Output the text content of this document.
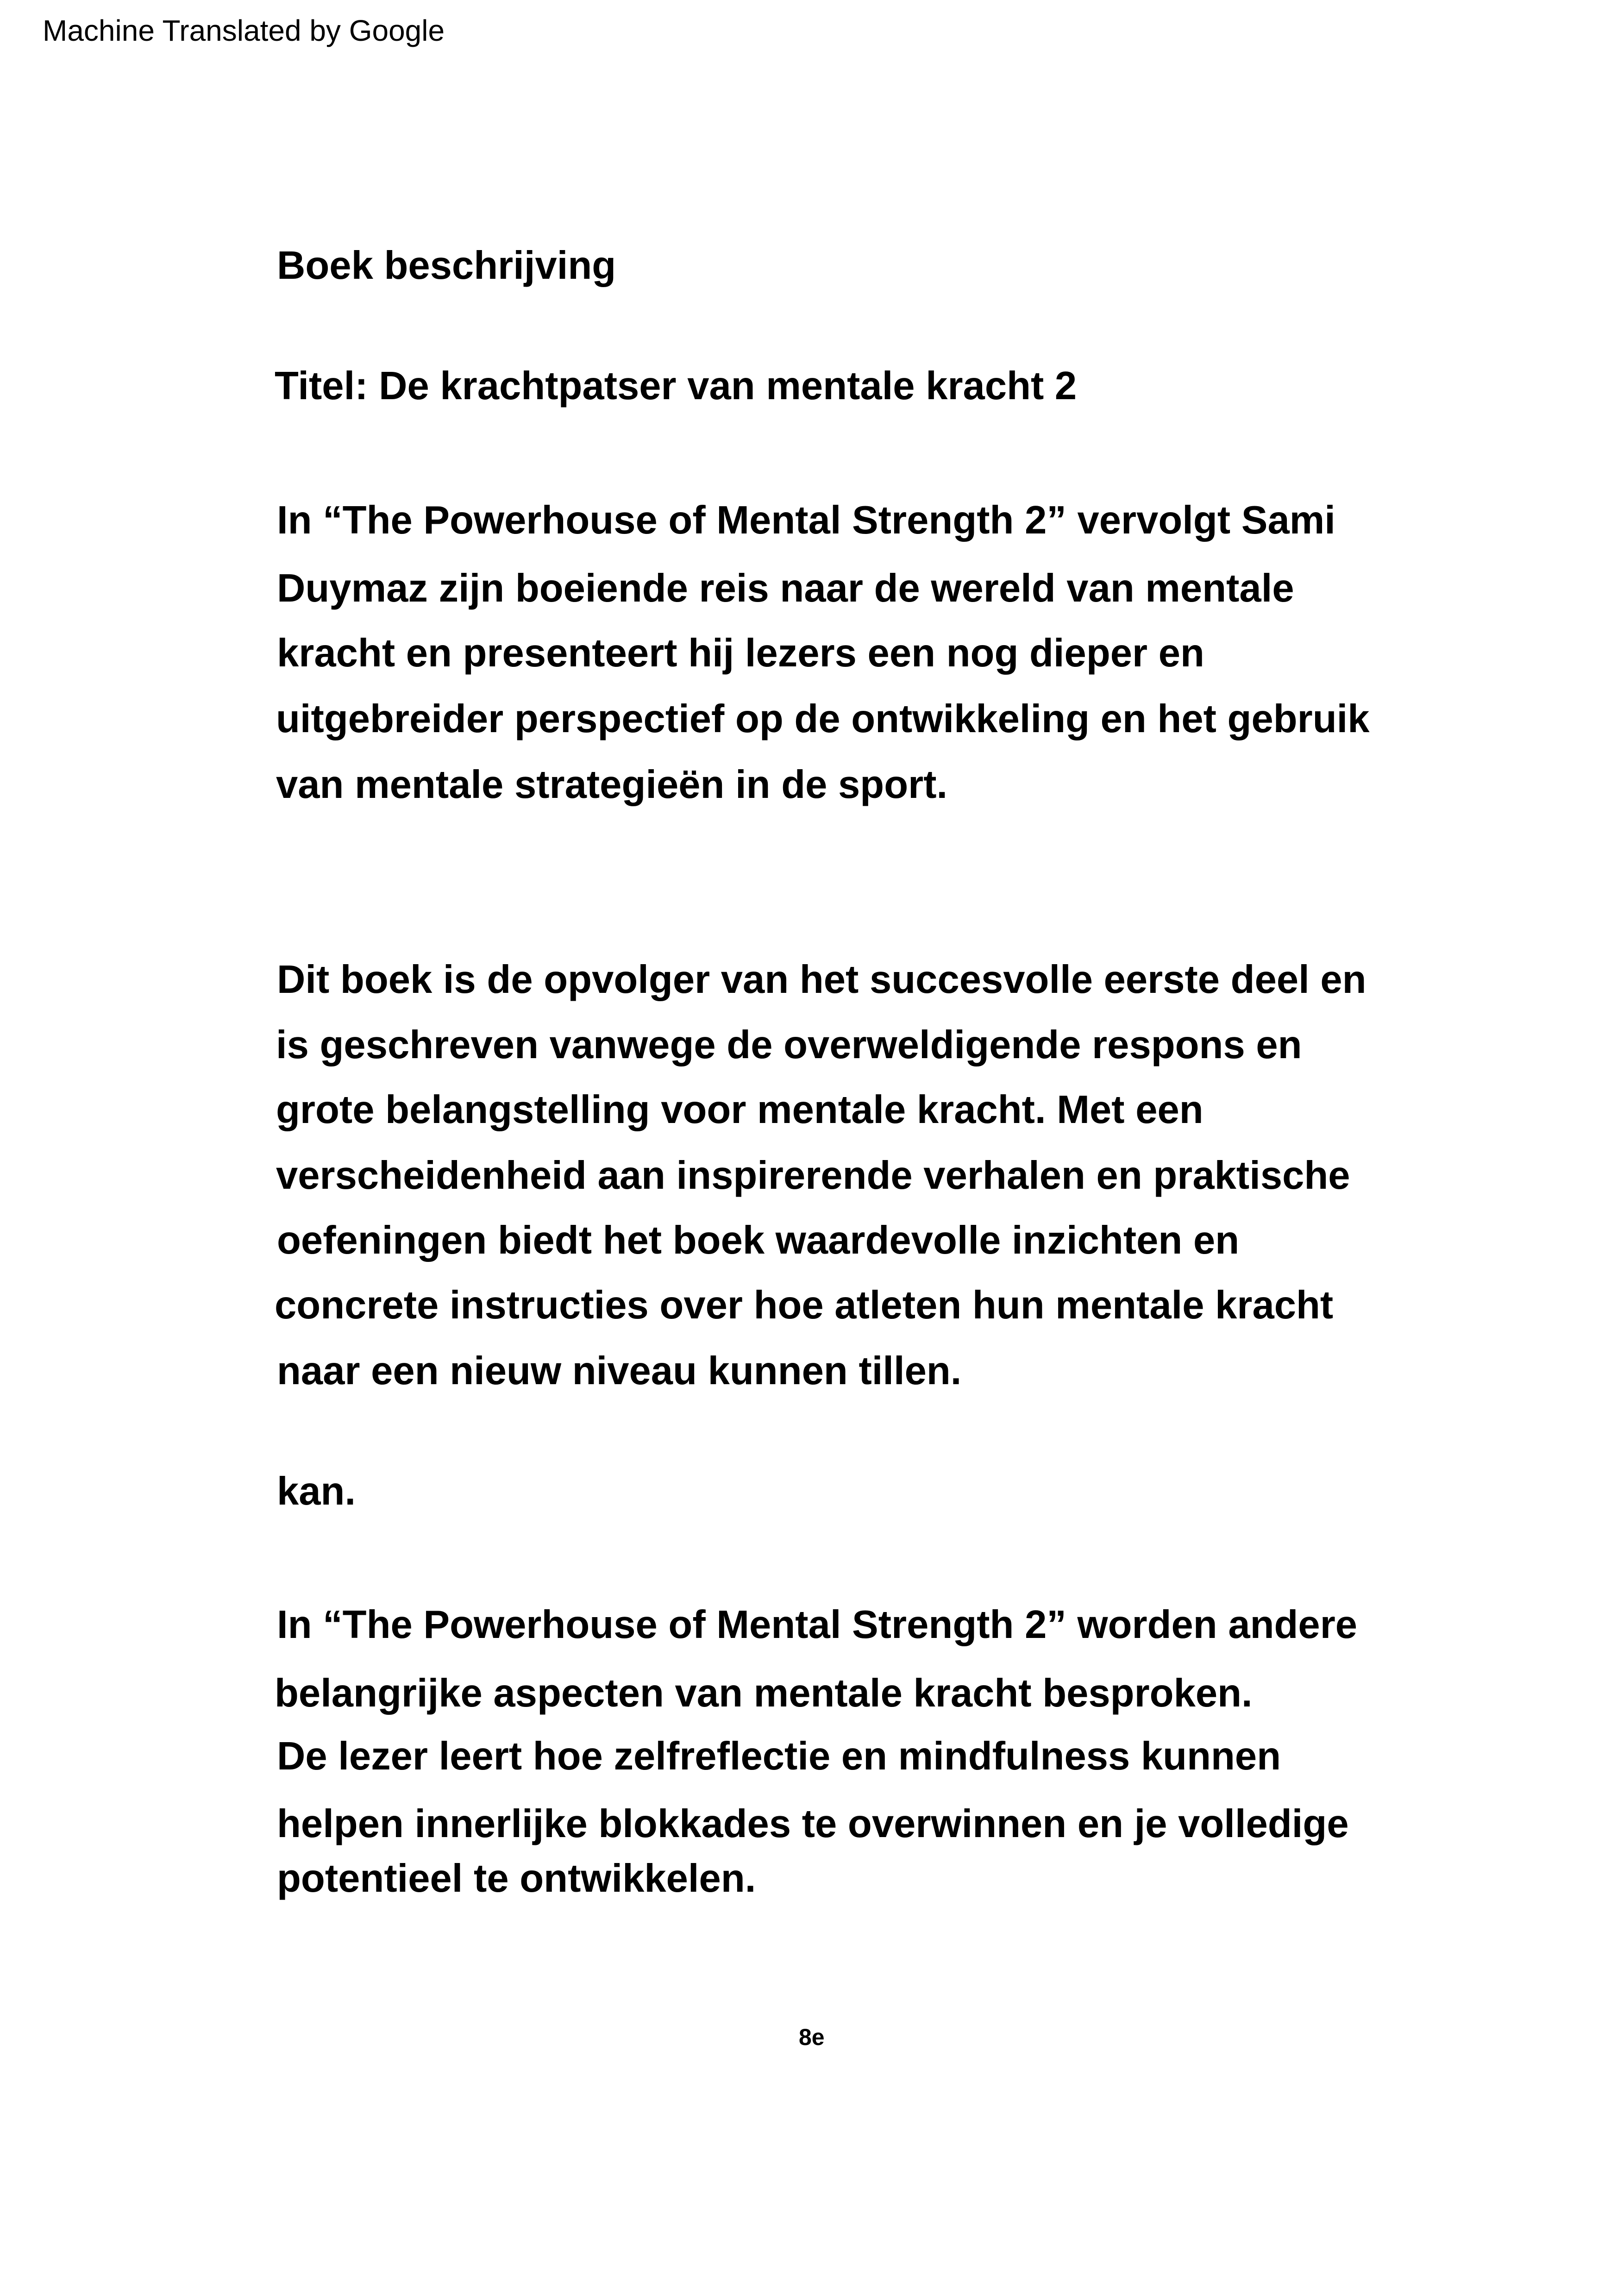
Machine Translated by Google
Boek beschrijving
Titel: De krachtpatser van mentale kracht 2
In “The Powerhouse of Mental Strength 2” vervolgt Sami
Duymaz zijn boeiende reis naar de wereld van mentale
kracht en presenteert hij lezers een nog dieper en
uitgebreider perspectief op de ontwikkeling en het gebruik
van mentale strategieën in de sport.
Dit boek is de opvolger van het succesvolle eerste deel en
is geschreven vanwege de overweldigende respons en
grote belangstelling voor mentale kracht. Met een
verscheidenheid aan inspirerende verhalen en praktische
oefeningen biedt het boek waardevolle inzichten en
concrete instructies over hoe atleten hun mentale kracht
naar een nieuw niveau kunnen tillen.
kan.
In “The Powerhouse of Mental Strength 2” worden andere
belangrijke aspecten van mentale kracht besproken.
De lezer leert hoe zelfreflectie en mindfulness kunnen
helpen innerlijke blokkades te overwinnen en je volledige
potentieel te ontwikkelen.
8e
